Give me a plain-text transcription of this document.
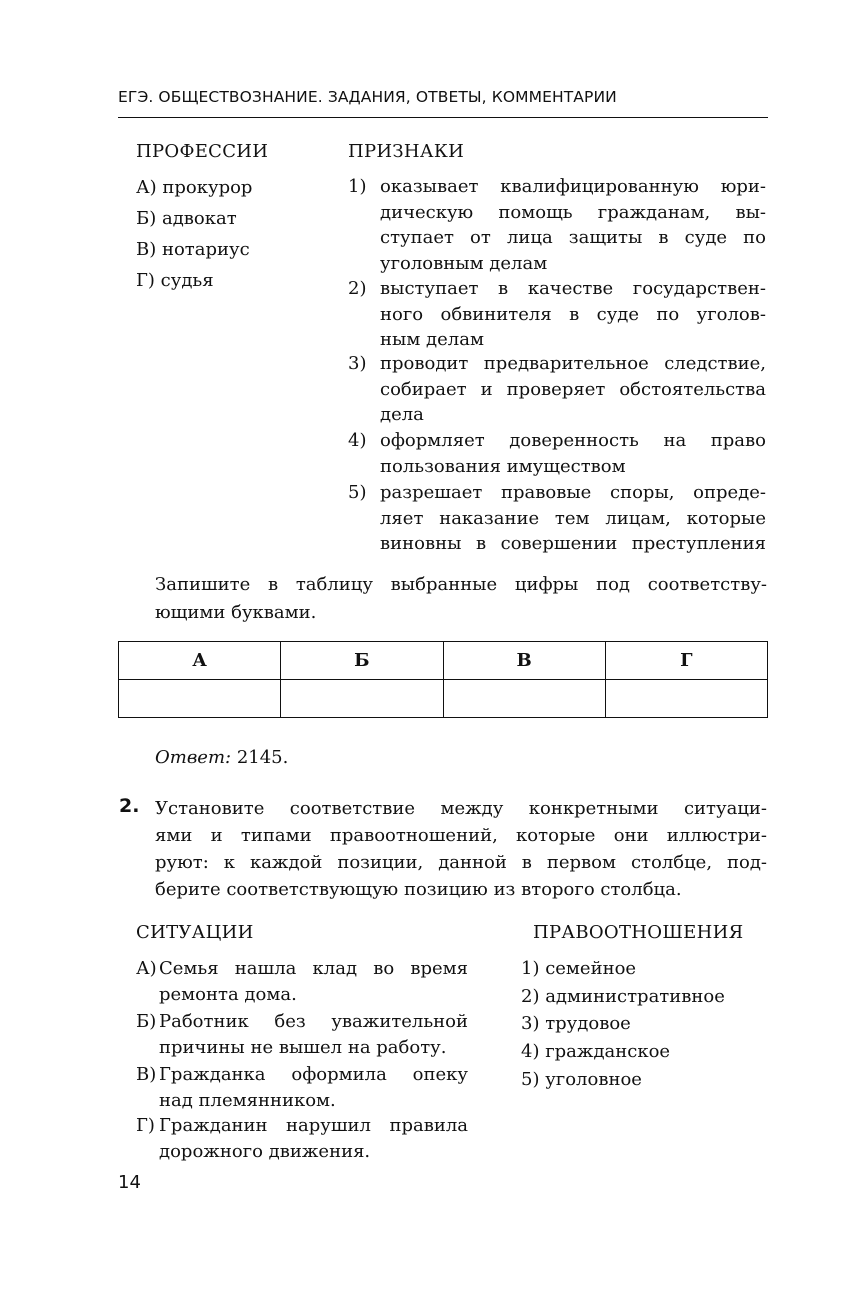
ЕГЭ. ОБЩЕСТВОЗНАНИЕ. ЗАДАНИЯ, ОТВЕТЫ, КОММЕНТАРИИ
ПРОФЕССИИ	ПРИЗНАКИ
А) прокурор
Б) адвокат
В) нотариус
Г) судья
1) оказывает квалифицированную юри-
дическую помощь гражданам, вы-
ступает от лица защиты в суде по
уголовным делам
2) выступает в качестве государствен-
ного обвинителя в суде по уголов-
ным делам
3) проводит предварительное следствие,
собирает и проверяет обстоятельства
дела
4) оформляет доверенность на право
пользования имуществом
5) разрешает правовые споры, опреде-
ляет наказание тем лицам, которые
виновны в совершении преступления
Запишите в таблицу выбранные цифры под соответству-
ющими буквами.
А	Б	В	Г

Ответ: 2145.
2. Установите соответствие между конкретными ситуаци-
ями и типами правоотношений, которые они иллюстри-
руют: к каждой позиции, данной в первом столбце, под-
берите соответствующую позицию из второго столбца.
СИТУАЦИИ	ПРАВООТНОШЕНИЯ
А) Семья нашла клад во время
ремонта дома.
Б) Работник без уважительной
причины не вышел на работу.
В) Гражданка оформила опеку
над племянником.
Г) Гражданин нарушил правила
дорожного движения.
1) семейное
2) административное
3) трудовое
4) гражданское
5) уголовное
14
